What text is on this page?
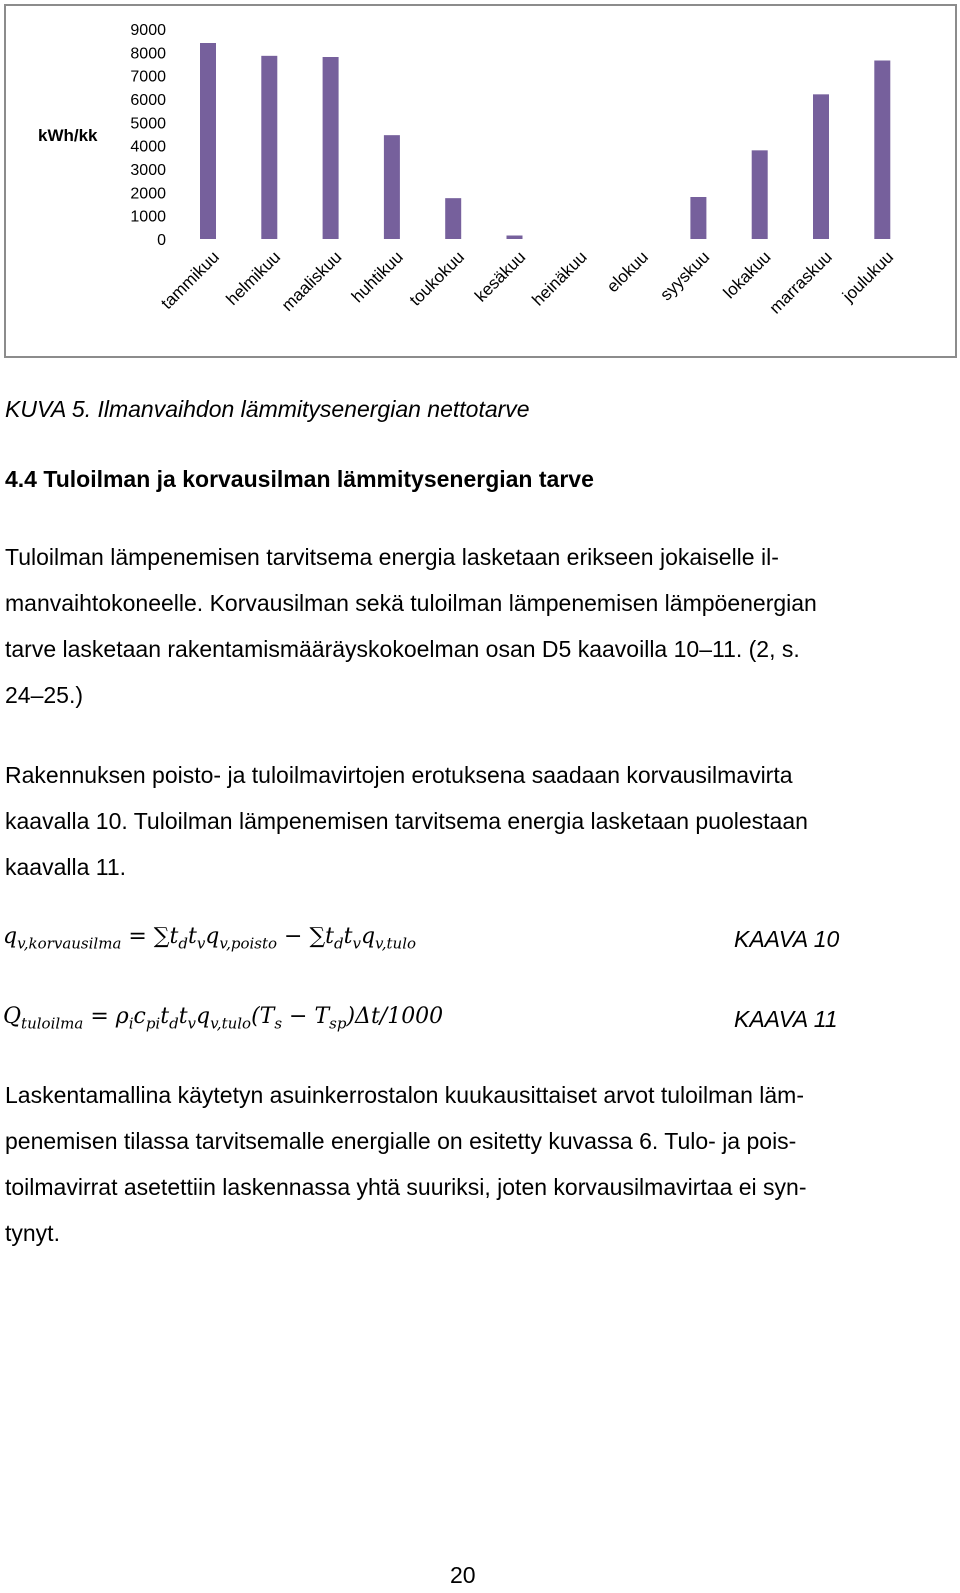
kWh/kk
9000
8000
7000
6000
5000
4000
3000
2000
1000
0
tammikuu helmikuu
maaliskuu huhtikuu toukokuu kesäkuu heinäkuu elokuu syyskuu lokakuu
marraskuu joulukuu
KUVA 5. Ilmanvaihdon lämmitysenergian nettotarve
4.4 Tuloilman ja korvausilman lämmitysenergian tarve

Tuloilman lämpenemisen tarvitsema energia lasketaan erikseen jokaiselle il-
manvaihtokoneelle. Korvausilman sekä tuloilman lämpenemisen lämpöenergian
tarve lasketaan rakentamismääräyskokoelman osan D5 kaavoilla 10–11. (2, s.
24–25.)

Rakennuksen poisto- ja tuloilmavirtojen erotuksena saadaan korvausilmavirta
kaavalla 10. Tuloilman lämpenemisen tarvitsema energia lasketaan puolestaan
kaavalla 11.

$q_{v,korvausilma} = \sum t_dt_vq_{v,poisto} - \sum t_dt_vq_{v,tulo}$	KAAVA 10
$Q_{tuloilma} = \rho_ic_{pi}t_dt_vq_{v,tulo}(T_s - T_{sp})\Delta t/1000$	KAAVA 11

Laskentamallina käytetyn asuinkerrostalon kuukausittaiset arvot tuloilman läm-
penemisen tilassa tarvitsemalle energialle on esitetty kuvassa 6. Tulo- ja pois-
toilmavirrat asetettiin laskennassa yhtä suuriksi, joten korvausilmavirtaa ei syn-
tynyt.

20
